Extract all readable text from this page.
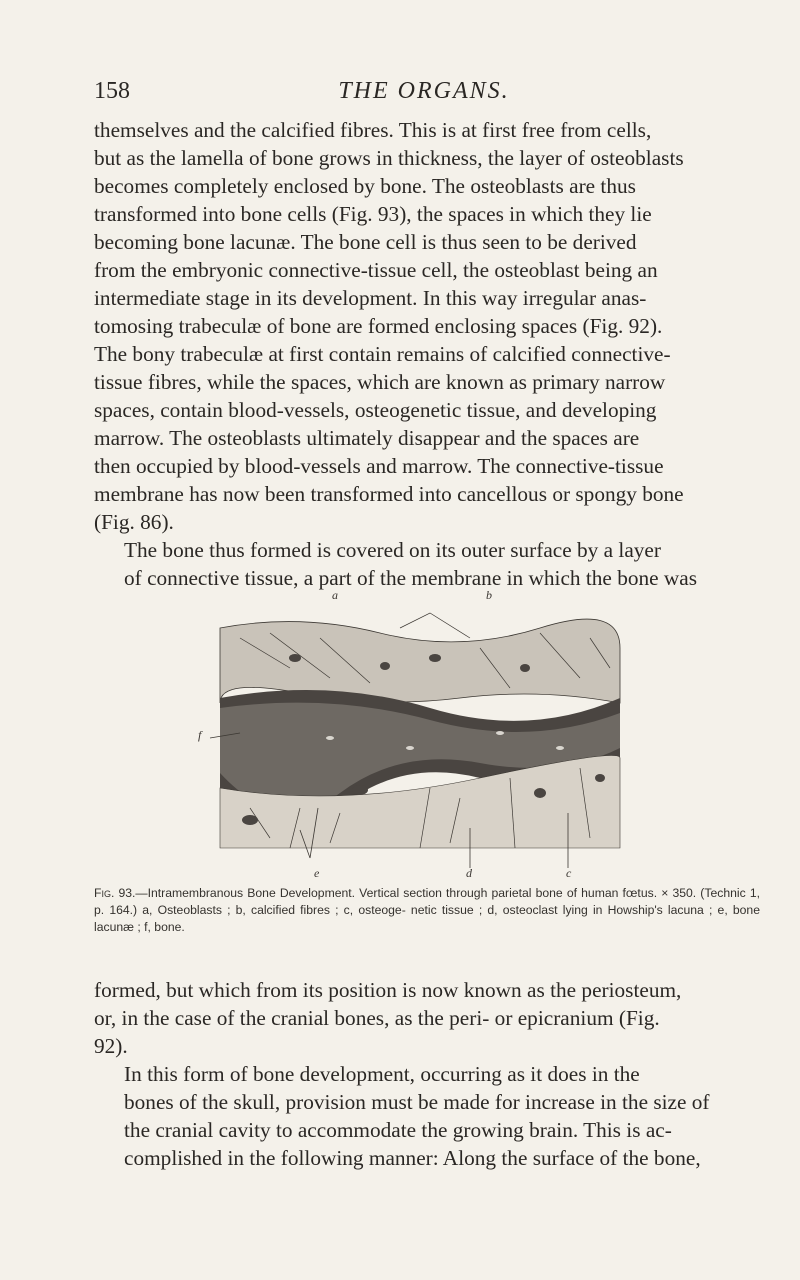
158	THE ORGANS.
themselves and the calcified fibres. This is at first free from cells,
but as the lamella of bone grows in thickness, the layer of osteoblasts
becomes completely enclosed by bone. The osteoblasts are thus
transformed into bone cells (Fig. 93), the spaces in which they lie
becoming bone lacunæ. The bone cell is thus seen to be derived
from the embryonic connective-tissue cell, the osteoblast being an
intermediate stage in its development. In this way irregular anas-
tomosing trabeculæ of bone are formed enclosing spaces (Fig. 92).
The bony trabeculæ at first contain remains of calcified connective-
tissue fibres, while the spaces, which are known as primary narrow
spaces, contain blood-vessels, osteogenetic tissue, and developing
marrow. The osteoblasts ultimately disappear and the spaces are
then occupied by blood-vessels and marrow. The connective-tissue
membrane has now been transformed into cancellous or spongy bone
(Fig. 86).
The bone thus formed is covered on its outer surface by a layer
of connective tissue, a part of the membrane in which the bone was
a	b
f
e	d	c
Fig. 93.—Intramembranous Bone Development. Vertical section through parietal bone of human fœtus. × 350. (Technic 1, p. 164.) a, Osteoblasts ; b, calcified fibres ; c, osteoge- netic tissue ; d, osteoclast lying in Howship's lacuna ; e, bone lacunæ ; f, bone.
formed, but which from its position is now known as the periosteum,
or, in the case of the cranial bones, as the peri- or epicranium (Fig.
92).
In this form of bone development, occurring as it does in the
bones of the skull, provision must be made for increase in the size of
the cranial cavity to accommodate the growing brain. This is ac-
complished in the following manner: Along the surface of the bone,
